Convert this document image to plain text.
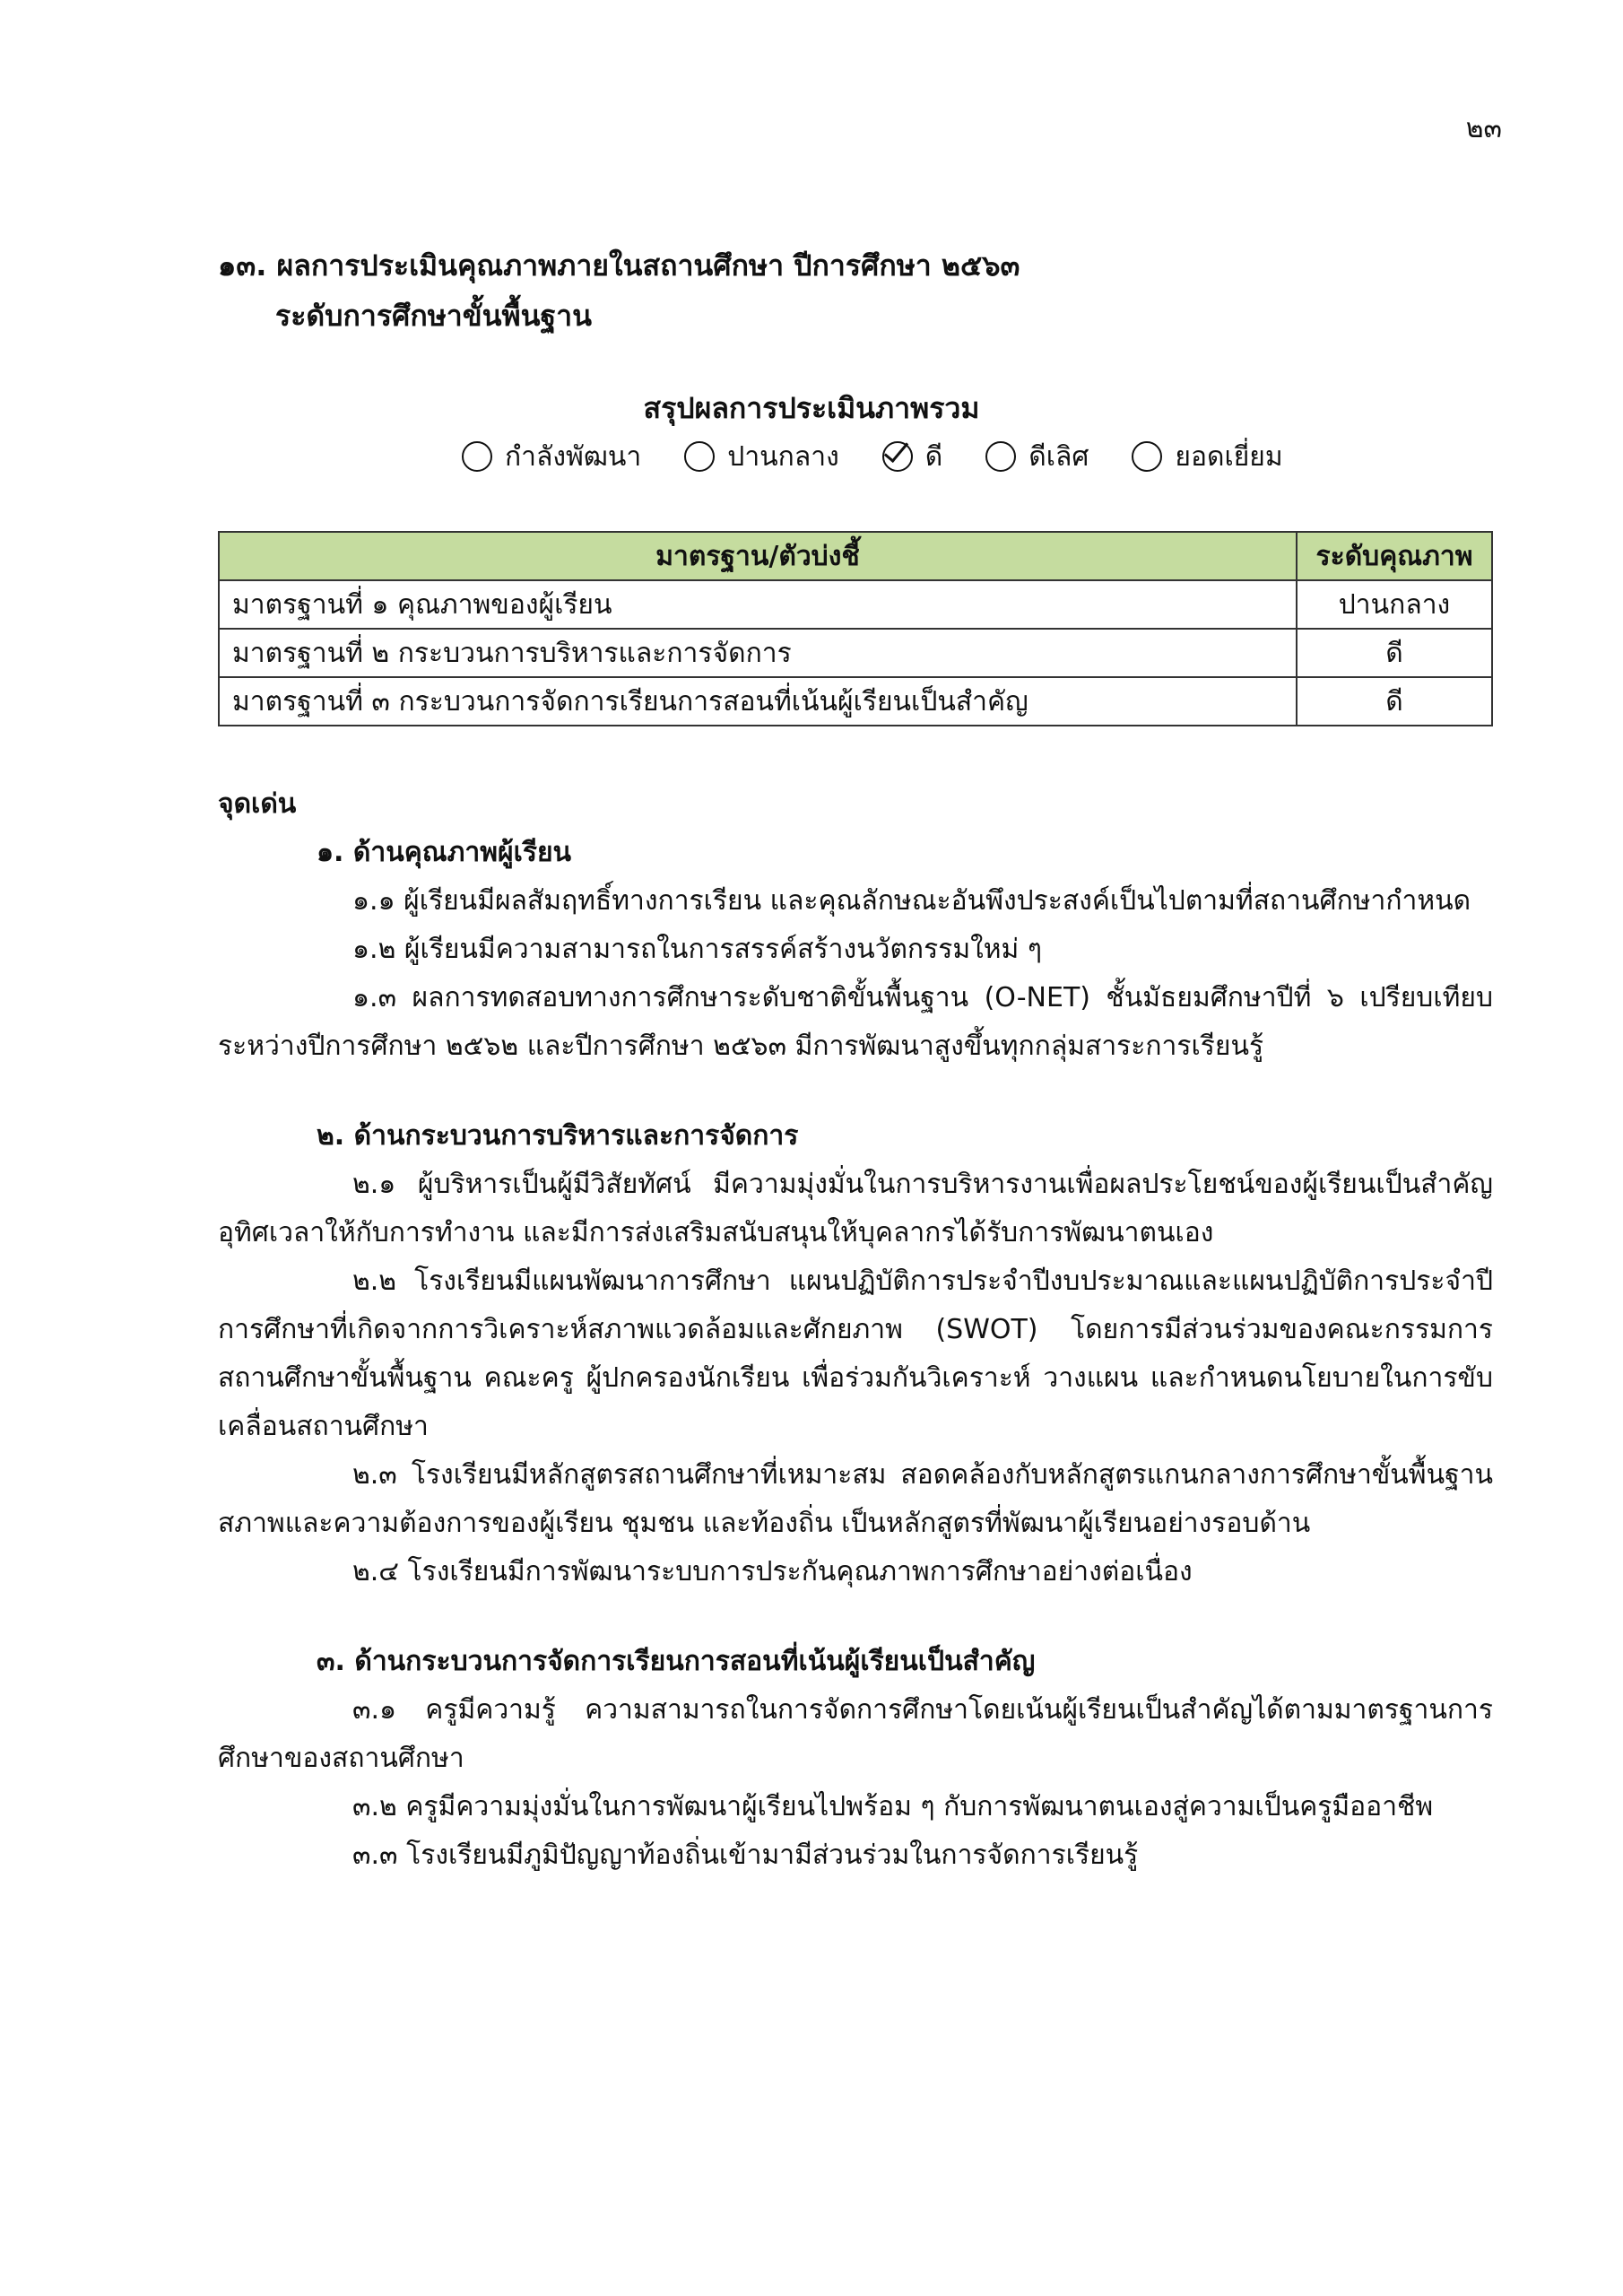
๒๓
๑๓. ผลการประเมินคุณภาพภายในสถานศึกษา ปีการศึกษา ๒๕๖๓
ระดับการศึกษาขั้นพื้นฐาน
สรุปผลการประเมินภาพรวม
กำลังพัฒนา	ปานกลาง	ดี	ดีเลิศ	ยอดเยี่ยม
มาตรฐาน/ตัวบ่งชี้	ระดับคุณภาพ
มาตรฐานที่ ๑ คุณภาพของผู้เรียน	ปานกลาง
มาตรฐานที่ ๒ กระบวนการบริหารและการจัดการ	ดี
มาตรฐานที่ ๓ กระบวนการจัดการเรียนการสอนที่เน้นผู้เรียนเป็นสำคัญ	ดี
จุดเด่น
๑. ด้านคุณภาพผู้เรียน
๑.๑ ผู้เรียนมีผลสัมฤทธิ์ทางการเรียน และคุณลักษณะอันพึงประสงค์เป็นไปตามที่สถานศึกษากำหนด
๑.๒ ผู้เรียนมีความสามารถในการสรรค์สร้างนวัตกรรมใหม่ ๆ
๑.๓ ผลการทดสอบทางการศึกษาระดับชาติขั้นพื้นฐาน (O-NET) ชั้นมัธยมศึกษาปีที่ ๖ เปรียบเทียบระหว่างปีการศึกษา ๒๕๖๒ และปีการศึกษา ๒๕๖๓ มีการพัฒนาสูงขึ้นทุกกลุ่มสาระการเรียนรู้
๒. ด้านกระบวนการบริหารและการจัดการ
๒.๑ ผู้บริหารเป็นผู้มีวิสัยทัศน์ มีความมุ่งมั่นในการบริหารงานเพื่อผลประโยชน์ของผู้เรียนเป็นสำคัญ อุทิศเวลาให้กับการทำงาน และมีการส่งเสริมสนับสนุนให้บุคลากรได้รับการพัฒนาตนเอง
๒.๒ โรงเรียนมีแผนพัฒนาการศึกษา แผนปฏิบัติการประจำปีงบประมาณและแผนปฏิบัติการประจำปีการศึกษาที่เกิดจากการวิเคราะห์สภาพแวดล้อมและศักยภาพ (SWOT) โดยการมีส่วนร่วมของคณะกรรมการสถานศึกษาขั้นพื้นฐาน คณะครู ผู้ปกครองนักเรียน เพื่อร่วมกันวิเคราะห์ วางแผน และกำหนดนโยบายในการขับเคลื่อนสถานศึกษา
๒.๓ โรงเรียนมีหลักสูตรสถานศึกษาที่เหมาะสม สอดคล้องกับหลักสูตรแกนกลางการศึกษาขั้นพื้นฐาน สภาพและความต้องการของผู้เรียน ชุมชน และท้องถิ่น เป็นหลักสูตรที่พัฒนาผู้เรียนอย่างรอบด้าน
๒.๔ โรงเรียนมีการพัฒนาระบบการประกันคุณภาพการศึกษาอย่างต่อเนื่อง
๓. ด้านกระบวนการจัดการเรียนการสอนที่เน้นผู้เรียนเป็นสำคัญ
๓.๑ ครูมีความรู้ ความสามารถในการจัดการศึกษาโดยเน้นผู้เรียนเป็นสำคัญได้ตามมาตรฐานการศึกษาของสถานศึกษา
๓.๒ ครูมีความมุ่งมั่นในการพัฒนาผู้เรียนไปพร้อม ๆ กับการพัฒนาตนเองสู่ความเป็นครูมืออาชีพ
๓.๓ โรงเรียนมีภูมิปัญญาท้องถิ่นเข้ามามีส่วนร่วมในการจัดการเรียนรู้
